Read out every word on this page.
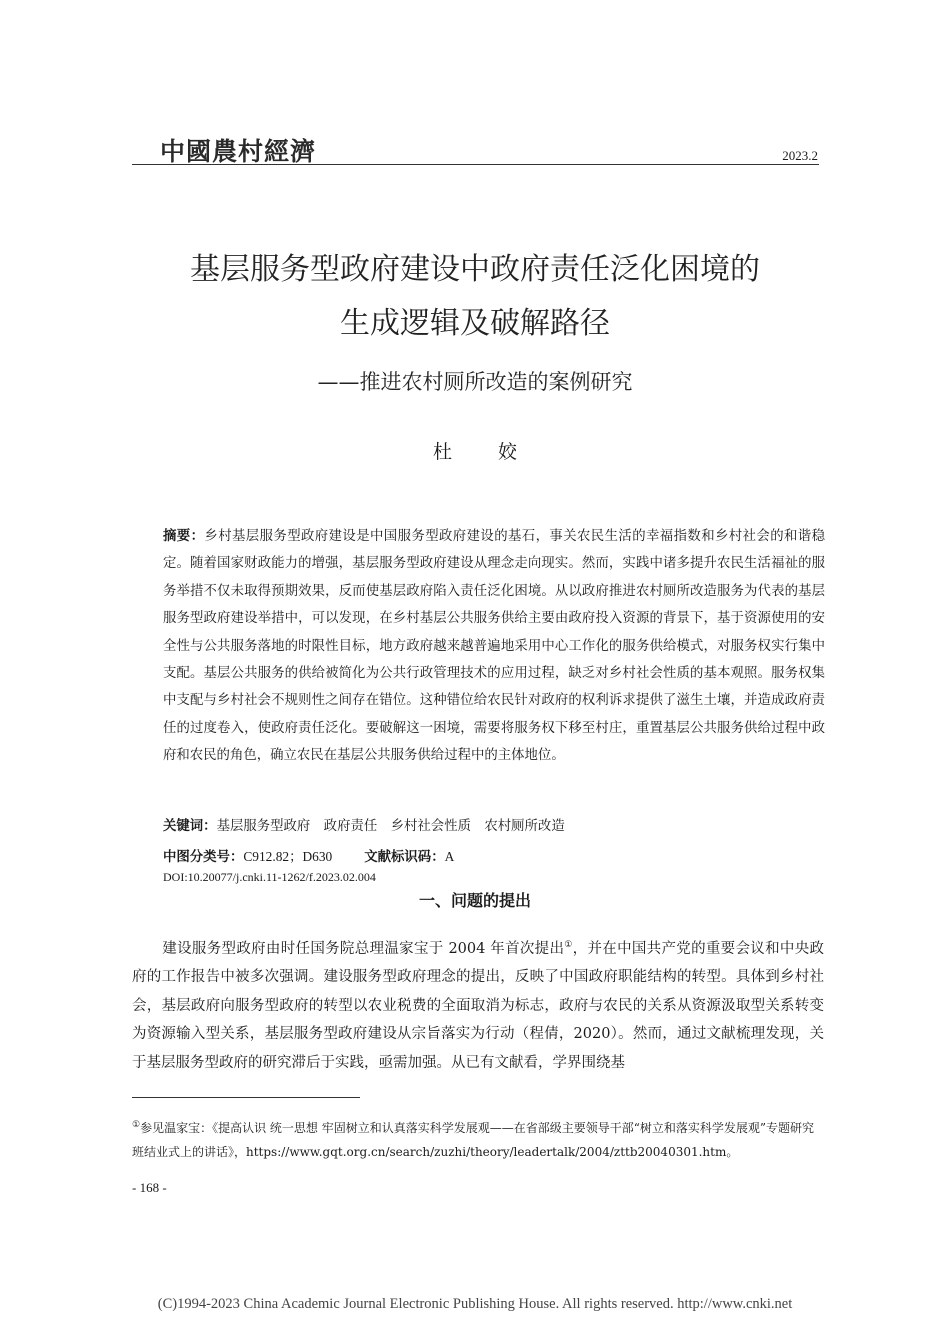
中國農村經濟	2023.2
基层服务型政府建设中政府责任泛化困境的
生成逻辑及破解路径
——推进农村厕所改造的案例研究
杜 姣
摘要：乡村基层服务型政府建设是中国服务型政府建设的基石，事关农民生活的幸福指数和乡村社会的和谐稳定。随着国家财政能力的增强，基层服务型政府建设从理念走向现实。然而，实践中诸多提升农民生活福祉的服务举措不仅未取得预期效果，反而使基层政府陷入责任泛化困境。从以政府推进农村厕所改造服务为代表的基层服务型政府建设举措中，可以发现，在乡村基层公共服务供给主要由政府投入资源的背景下，基于资源使用的安全性与公共服务落地的时限性目标，地方政府越来越普遍地采用中心工作化的服务供给模式，对服务权实行集中支配。基层公共服务的供给被简化为公共行政管理技术的应用过程，缺乏对乡村社会性质的基本观照。服务权集中支配与乡村社会不规则性之间存在错位。这种错位给农民针对政府的权利诉求提供了滋生土壤，并造成政府责任的过度卷入，使政府责任泛化。要破解这一困境，需要将服务权下移至村庄，重置基层公共服务供给过程中政府和农民的角色，确立农民在基层公共服务供给过程中的主体地位。
关键词：基层服务型政府　政府责任　乡村社会性质　农村厕所改造
中图分类号：C912.82；D630 文献标识码：A
DOI:10.20077/j.cnki.11-1262/f.2023.02.004
一、问题的提出
建设服务型政府由时任国务院总理温家宝于 2004 年首次提出①，并在中国共产党的重要会议和中央政府的工作报告中被多次强调。建设服务型政府理念的提出，反映了中国政府职能结构的转型。具体到乡村社会，基层政府向服务型政府的转型以农业税费的全面取消为标志，政府与农民的关系从资源汲取型关系转变为资源输入型关系，基层服务型政府建设从宗旨落实为行动（程倩，2020）。然而，通过文献梳理发现，关于基层服务型政府的研究滞后于实践，亟需加强。从已有文献看，学界围绕基
①参见温家宝：《提高认识 统一思想 牢固树立和认真落实科学发展观——在省部级主要领导干部“树立和落实科学发展观”专题研究班结业式上的讲话》，https://www.gqt.org.cn/search/zuzhi/theory/leadertalk/2004/zttb20040301.htm。
- 168 -
(C)1994-2023 China Academic Journal Electronic Publishing House. All rights reserved. http://www.cnki.net
